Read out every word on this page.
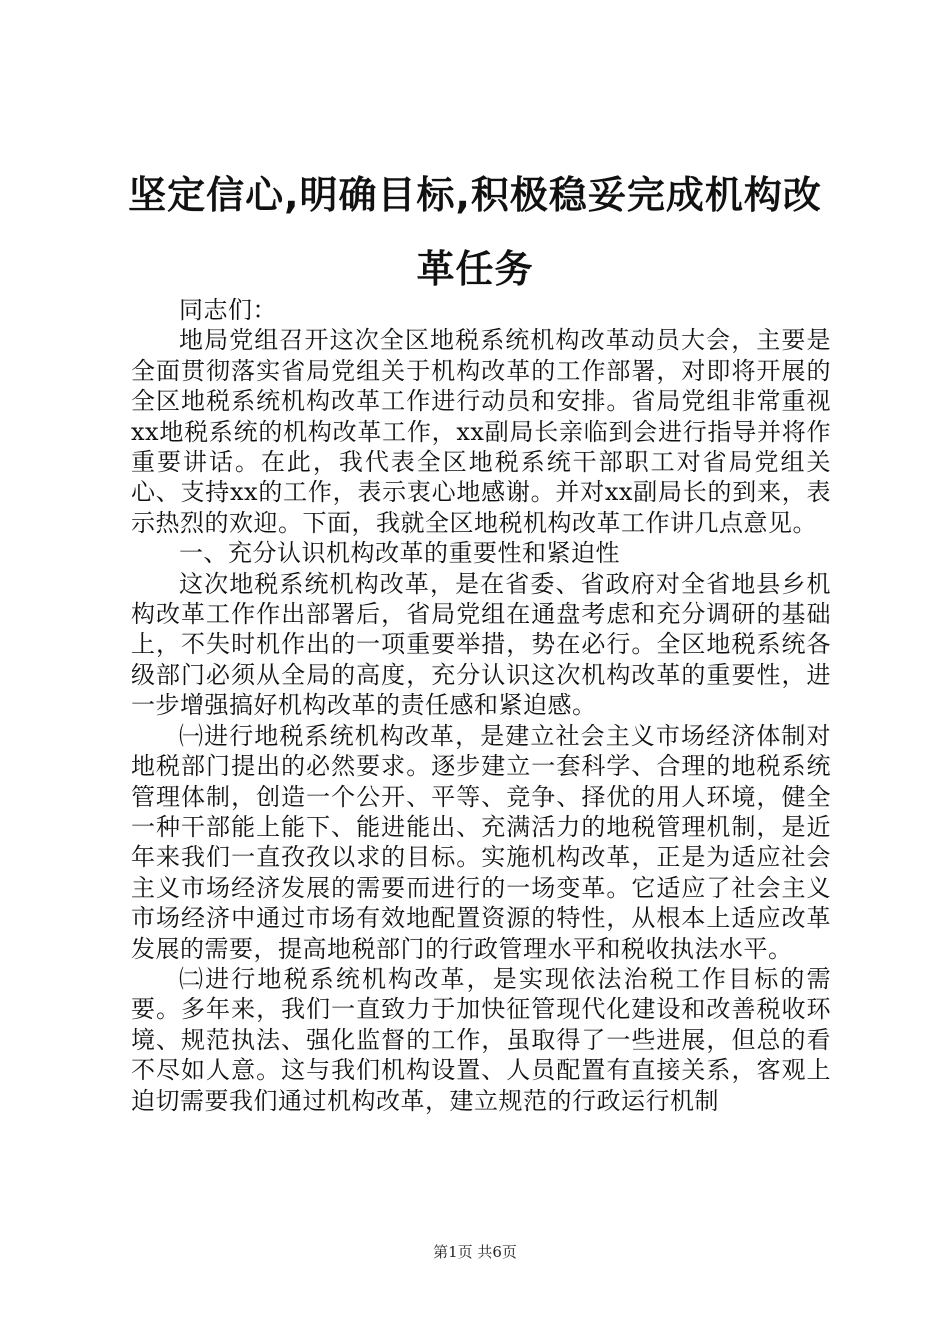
坚定信心,明确目标,积极稳妥完成机构改革任务

同志们：

地局党组召开这次全区地税系统机构改革动员大会，主要是全面贯彻落实省局党组关于机构改革的工作部署，对即将开展的全区地税系统机构改革工作进行动员和安排。省局党组非常重视xx地税系统的机构改革工作，xx副局长亲临到会进行指导并将作重要讲话。在此，我代表全区地税系统干部职工对省局党组关心、支持xx的工作，表示衷心地感谢。并对xx副局长的到来，表示热烈的欢迎。下面，我就全区地税机构改革工作讲几点意见。

一、充分认识机构改革的重要性和紧迫性

这次地税系统机构改革，是在省委、省政府对全省地县乡机构改革工作作出部署后，省局党组在通盘考虑和充分调研的基础上，不失时机作出的一项重要举措，势在必行。全区地税系统各级部门必须从全局的高度，充分认识这次机构改革的重要性，进一步增强搞好机构改革的责任感和紧迫感。

㈠进行地税系统机构改革，是建立社会主义市场经济体制对地税部门提出的必然要求。逐步建立一套科学、合理的地税系统管理体制，创造一个公开、平等、竞争、择优的用人环境，健全一种干部能上能下、能进能出、充满活力的地税管理机制，是近年来我们一直孜孜以求的目标。实施机构改革，正是为适应社会主义市场经济发展的需要而进行的一场变革。它适应了社会主义市场经济中通过市场有效地配置资源的特性，从根本上适应改革发展的需要，提高地税部门的行政管理水平和税收执法水平。

㈡进行地税系统机构改革，是实现依法治税工作目标的需要。多年来，我们一直致力于加快征管现代化建设和改善税收环境、规范执法、强化监督的工作，虽取得了一些进展，但总的看不尽如人意。这与我们机构设置、人员配置有直接关系，客观上迫切需要我们通过机构改革，建立规范的行政运行机制

第1页 共6页
